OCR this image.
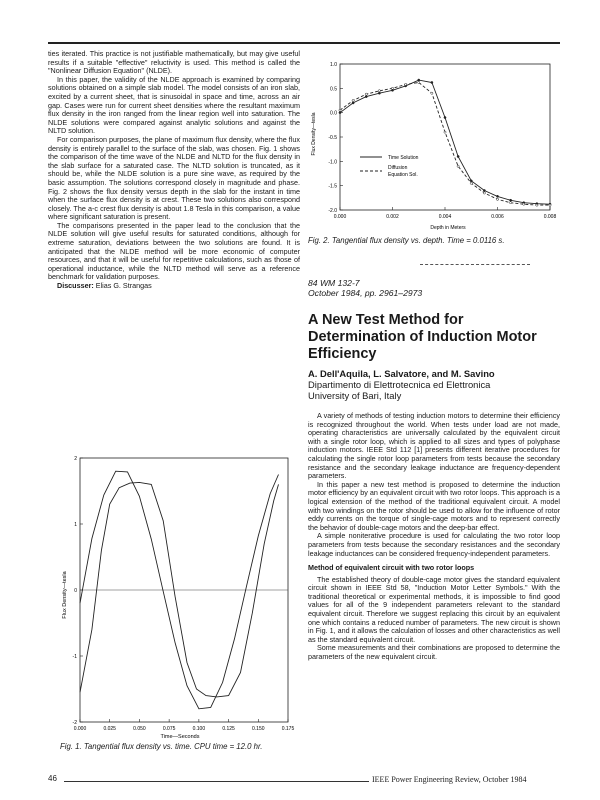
ties iterated. This practice is not justifiable mathematically, but may give useful results if a suitable "effective" reluctivity is used. This method is called the "Nonlinear Diffusion Equation" (NLDE).

In this paper, the validity of the NLDE approach is examined by comparing solutions obtained on a simple slab model. The model consists of an iron slab, excited by a current sheet, that is sinusoidal in space and time, across an air gap. Cases were run for current sheet densities where the resultant maximum flux density in the iron ranged from the linear region well into saturation. The NLDE solutions were compared against analytic solutions and against the NLTD solution.

For comparison purposes, the plane of maximum flux density, where the flux density is entirely parallel to the surface of the slab, was chosen. Fig. 1 shows the comparison of the time wave of the NLDE and NLTD for the flux density in the slab surface for a saturated case. The NLTD solution is truncated, as it should be, while the NLDE solution is a pure sine wave, as required by the basic assumption. The solutions correspond closely in magnitude and phase. Fig. 2 shows the flux density versus depth in the slab for the instant in time when the surface flux density is at crest. These two solutions also correspond closely. The a-c crest flux density is about 1.8 Tesla in this comparison, a value where significant saturation is present.

The comparisons presented in the paper lead to the conclusion that the NLDE solution will give useful results for saturated conditions, although for extreme saturation, deviations between the two solutions are found. It is anticipated that the NLDE method will be more economic of computer resources, and that it will be useful for repetitive calculations, such as those of operational inductance, while the NLTD method will serve as a reference benchmark for validation purposes.

Discusser: Elias G. Strangas

0.000	0.025	0.050	0.075	0.100	0.125	0.150	0.175
-2
-1
0
1
2
Flux Density—tesla
Time—Seconds
Fig. 1. Tangential flux density vs. time. CPU time = 12.0 hr.
0.000	0.002	0.004	0.006	0.008
1.0
0.5
0.0
-0.5
-1.0
-1.5
-2.0
Flux Density—tesla
Depth in Meters
Time Solution
Diffusion
Equation Sol.
Fig. 2. Tangential flux density vs. depth. Time = 0.0116 s.
84 WM 132-7
October 1984, pp. 2961–2973
A New Test Method for Determination of Induction Motor Efficiency
A. Dell'Aquila, L. Salvatore, and M. Savino
Dipartimento di Elettrotecnica ed Elettronica
University of Bari, Italy

A variety of methods of testing induction motors to determine their efficiency is recognized throughout the world. When tests under load are not made, operating characteristics are universally calculated by the equivalent circuit with a single rotor loop, which is applied to all sizes and types of polyphase induction motors. IEEE Std 112 [1] presents different iterative procedures for calculating the single rotor loop parameters from tests because the secondary resistance and the secondary leakage inductance are frequency-dependent parameters.

In this paper a new test method is proposed to determine the induction motor efficiency by an equivalent circuit with two rotor loops. This approach is a logical extension of the method of the traditional equivalent circuit. A model with two windings on the rotor should be used to allow for the influence of rotor eddy currents on the torque of single-cage motors and to represent correctly the behavior of double-cage motors and the deep-bar effect.

A simple noniterative procedure is used for calculating the two rotor loop parameters from tests because the secondary resistances and the secondary leakage inductances can be considered frequency-independent parameters.

Method of equivalent circuit with two rotor loops

The established theory of double-cage motor gives the standard equivalent circuit shown in IEEE Std 58, "Induction Motor Letter Symbols." With the traditional theoretical or experimental methods, it is impossible to find good values for all of the 9 independent parameters relevant to the standard equivalent circuit. Therefore we suggest replacing this circuit by an equivalent one which contains a reduced number of parameters. The new circuit is shown in Fig. 1, and it allows the calculation of losses and other characteristics as well as the standard equivalent circuit.

Some measurements and their combinations are proposed to determine the parameters of the new equivalent circuit.

46	IEEE Power Engineering Review, October 1984
